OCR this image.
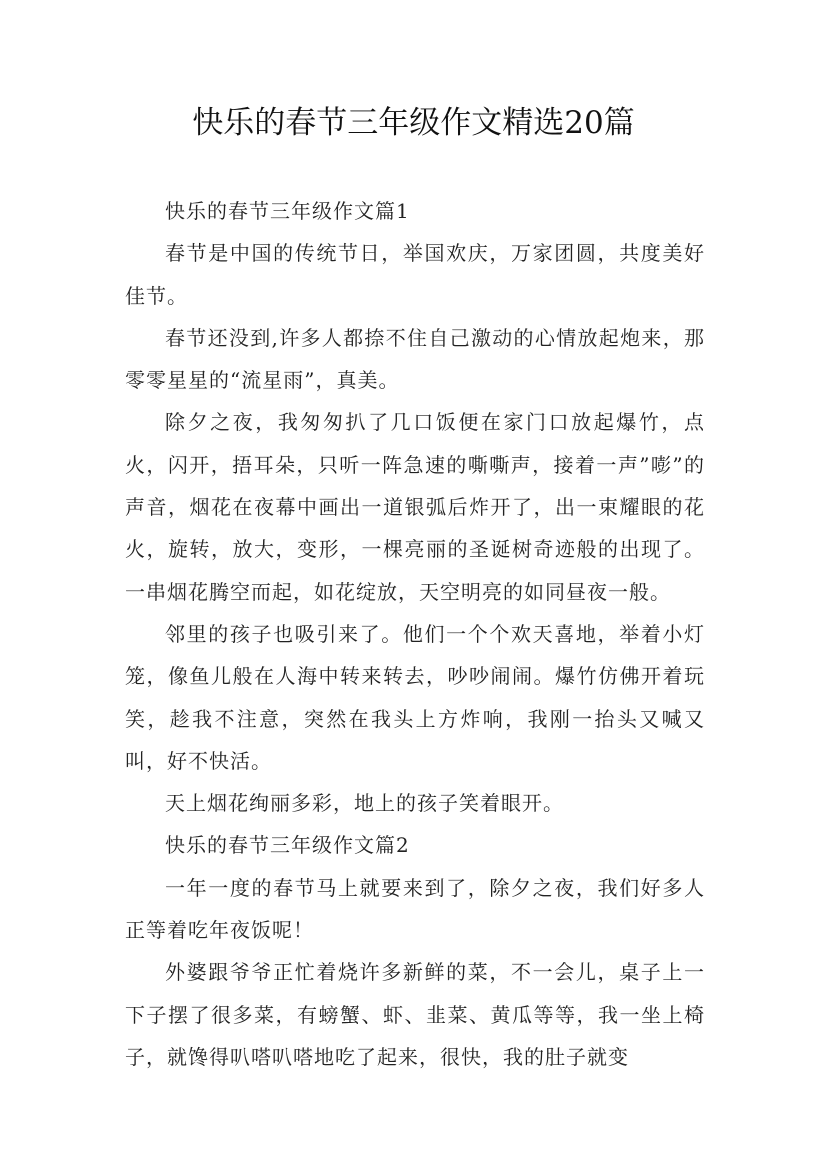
快乐的春节三年级作文精选20篇

快乐的春节三年级作文篇1

春节是中国的传统节日，举国欢庆，万家团圆，共度美好佳节。

春节还没到,许多人都捺不住自己激动的心情放起炮来，那零零星星的“流星雨”，真美。

除夕之夜，我匆匆扒了几口饭便在家门口放起爆竹，点火，闪开，捂耳朵，只听一阵急速的嘶嘶声，接着一声”嘭”的声音，烟花在夜幕中画出一道银弧后炸开了，出一束耀眼的花火，旋转，放大，变形，一棵亮丽的圣诞树奇迹般的出现了。一串烟花腾空而起，如花绽放，天空明亮的如同昼夜一般。

邻里的孩子也吸引来了。他们一个个欢天喜地，举着小灯笼，像鱼儿般在人海中转来转去，吵吵闹闹。爆竹仿佛开着玩笑，趁我不注意，突然在我头上方炸响，我刚一抬头又喊又叫，好不快活。

天上烟花绚丽多彩，地上的孩子笑着眼开。

快乐的春节三年级作文篇2

一年一度的春节马上就要来到了，除夕之夜，我们好多人正等着吃年夜饭呢！

外婆跟爷爷正忙着烧许多新鲜的菜，不一会儿，桌子上一下子摆了很多菜，有螃蟹、虾、韭菜、黄瓜等等，我一坐上椅子，就馋得叭嗒叭嗒地吃了起来，很快，我的肚子就变
